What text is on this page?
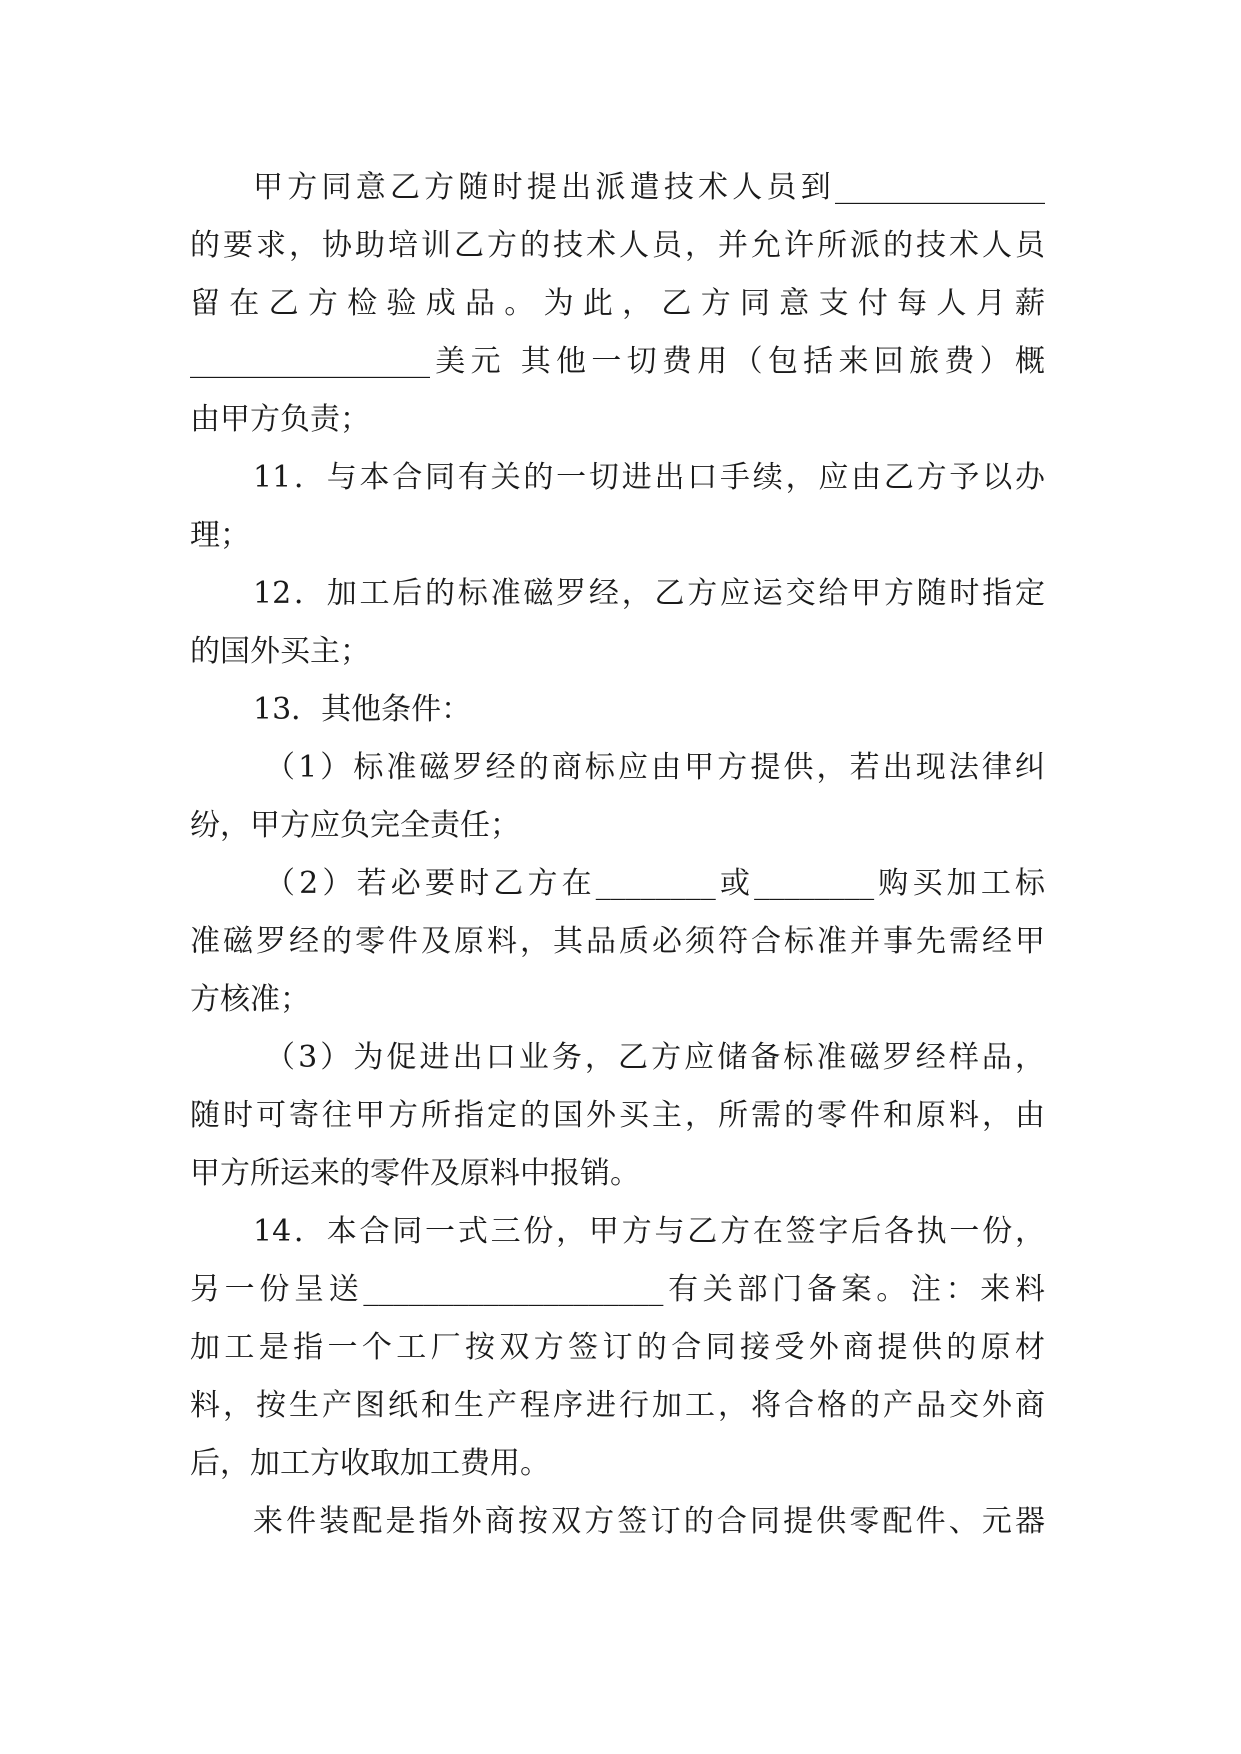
甲方同意乙方随时提出派遣技术人员到______________
的要求，协助培训乙方的技术人员，并允许所派的技术人员
留在乙方检验成品。为此，乙方同意支付每人月薪
________________美元 其他一切费用（包括来回旅费）概
由甲方负责；
11．与本合同有关的一切进出口手续，应由乙方予以办
理；
12．加工后的标准磁罗经，乙方应运交给甲方随时指定
的国外买主；
13．其他条件：
（1）标准磁罗经的商标应由甲方提供，若出现法律纠
纷，甲方应负完全责任；
（2）若必要时乙方在________或________购买加工标
准磁罗经的零件及原料，其品质必须符合标准并事先需经甲
方核准；
（3）为促进出口业务，乙方应储备标准磁罗经样品，
随时可寄往甲方所指定的国外买主，所需的零件和原料，由
甲方所运来的零件及原料中报销。
14．本合同一式三份，甲方与乙方在签字后各执一份，
另一份呈送____________________有关部门备案。注：来料
加工是指一个工厂按双方签订的合同接受外商提供的原材
料，按生产图纸和生产程序进行加工，将合格的产品交外商
后，加工方收取加工费用。
来件装配是指外商按双方签订的合同提供零配件、元器
